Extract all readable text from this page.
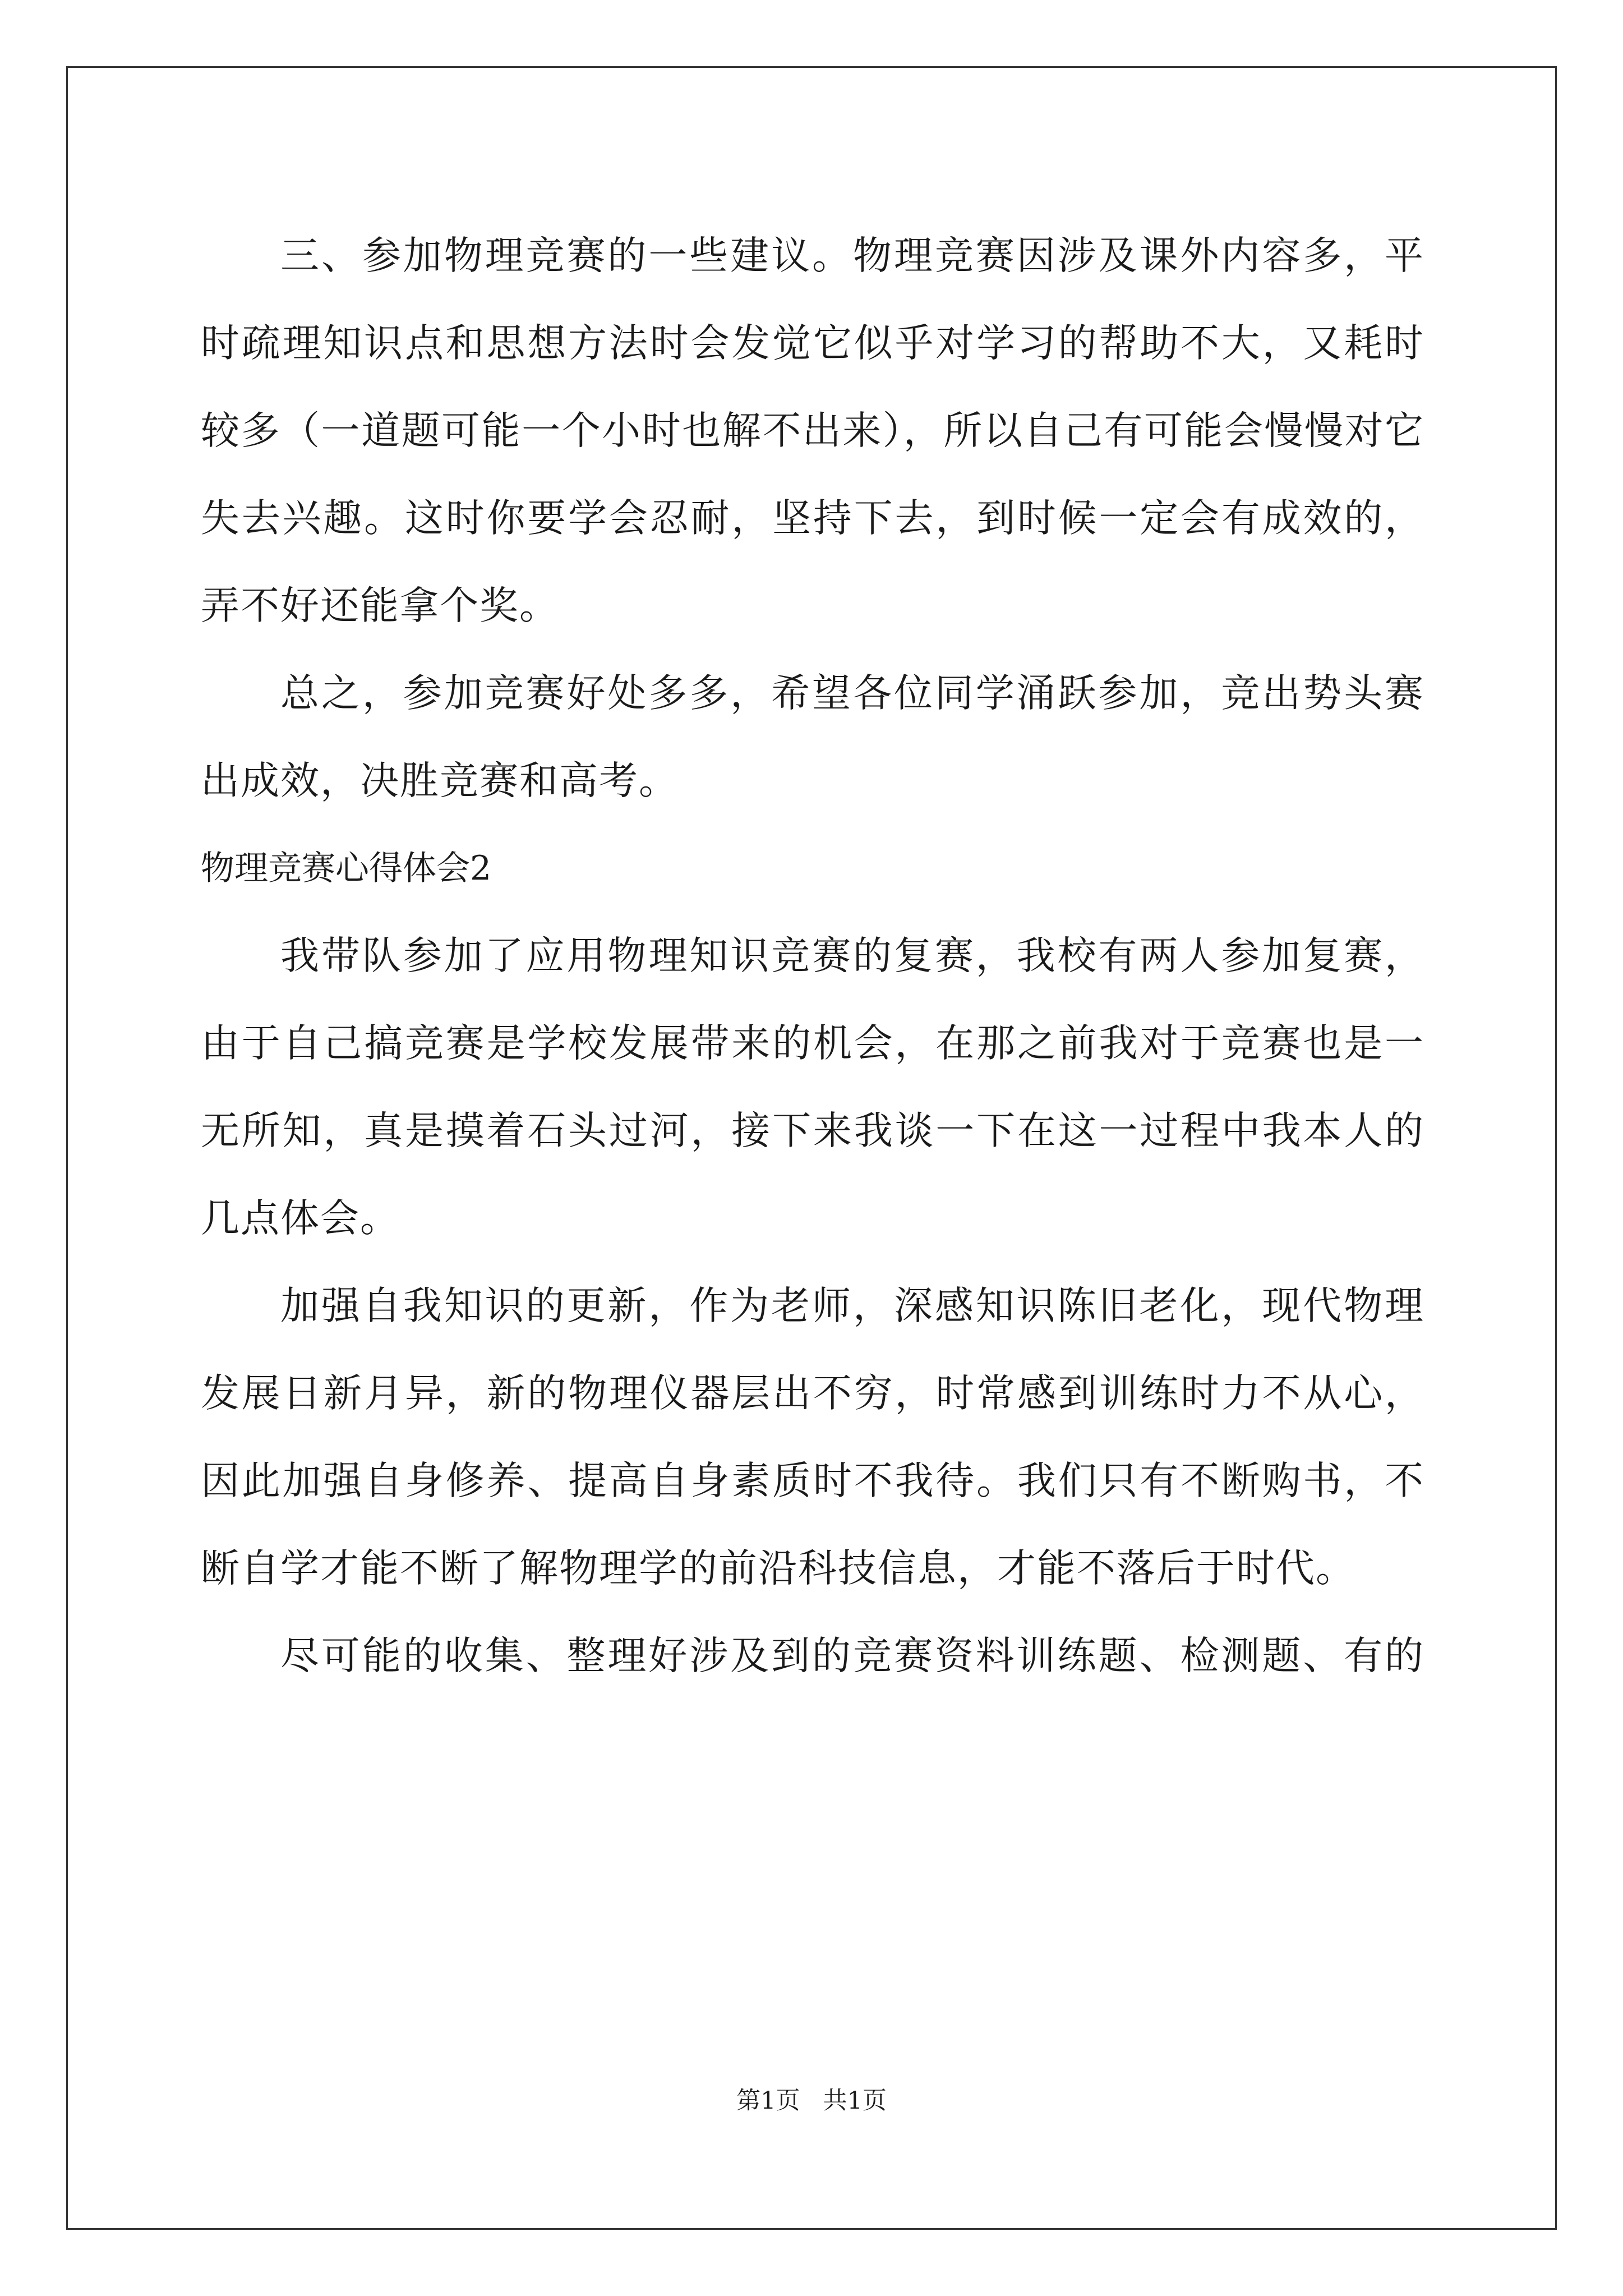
三、参加物理竞赛的一些建议。物理竞赛因涉及课外内容多，平
时疏理知识点和思想方法时会发觉它似乎对学习的帮助不大，又耗时
较多（一道题可能一个小时也解不出来），所以自己有可能会慢慢对它
失去兴趣。这时你要学会忍耐，坚持下去，到时候一定会有成效的，
弄不好还能拿个奖。
总之，参加竞赛好处多多，希望各位同学涌跃参加，竞出势头赛
出成效，决胜竞赛和高考。
物理竞赛心得体会2
我带队参加了应用物理知识竞赛的复赛，我校有两人参加复赛，
由于自己搞竞赛是学校发展带来的机会，在那之前我对于竞赛也是一
无所知，真是摸着石头过河，接下来我谈一下在这一过程中我本人的
几点体会。
加强自我知识的更新，作为老师，深感知识陈旧老化，现代物理
发展日新月异，新的物理仪器层出不穷，时常感到训练时力不从心，
因此加强自身修养、提高自身素质时不我待。我们只有不断购书，不
断自学才能不断了解物理学的前沿科技信息，才能不落后于时代。
尽可能的收集、整理好涉及到的竞赛资料训练题、检测题、有的
第1页   共1页
